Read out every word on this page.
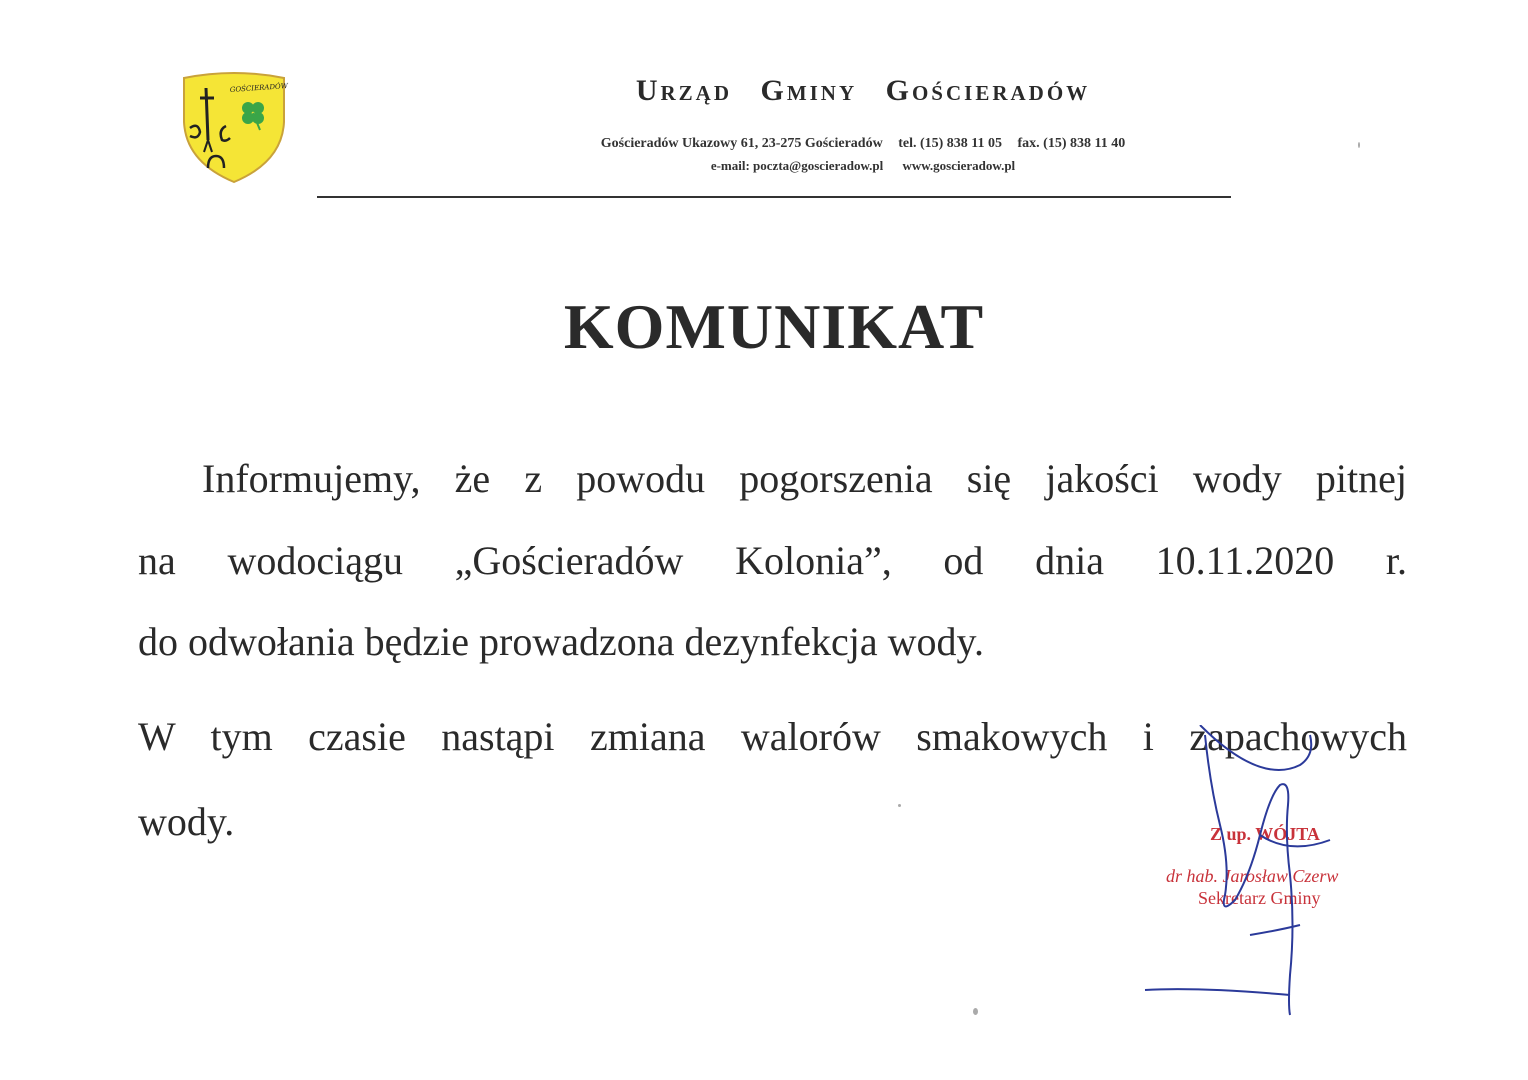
GOŚCIERADÓW	Urząd Gminy Gościeradów
Gościeradów Ukazowy 61, 23-275 Gościeradów tel. (15) 838 11 05 fax. (15) 838 11 40
e-mail: poczta@goscieradow.pl www.goscieradow.pl
KOMUNIKAT
Informujemy, że z powodu pogorszenia się jakości wody pitnej
na wodociągu „Gościeradów Kolonia”, od dnia 10.11.2020 r.
do odwołania będzie prowadzona dezynfekcja wody.
W tym czasie nastąpi zmiana walorów smakowych i zapachowych
wody.	Z up. WÓJTA
dr hab. Jarosław Czerw
Sekretarz Gminy
